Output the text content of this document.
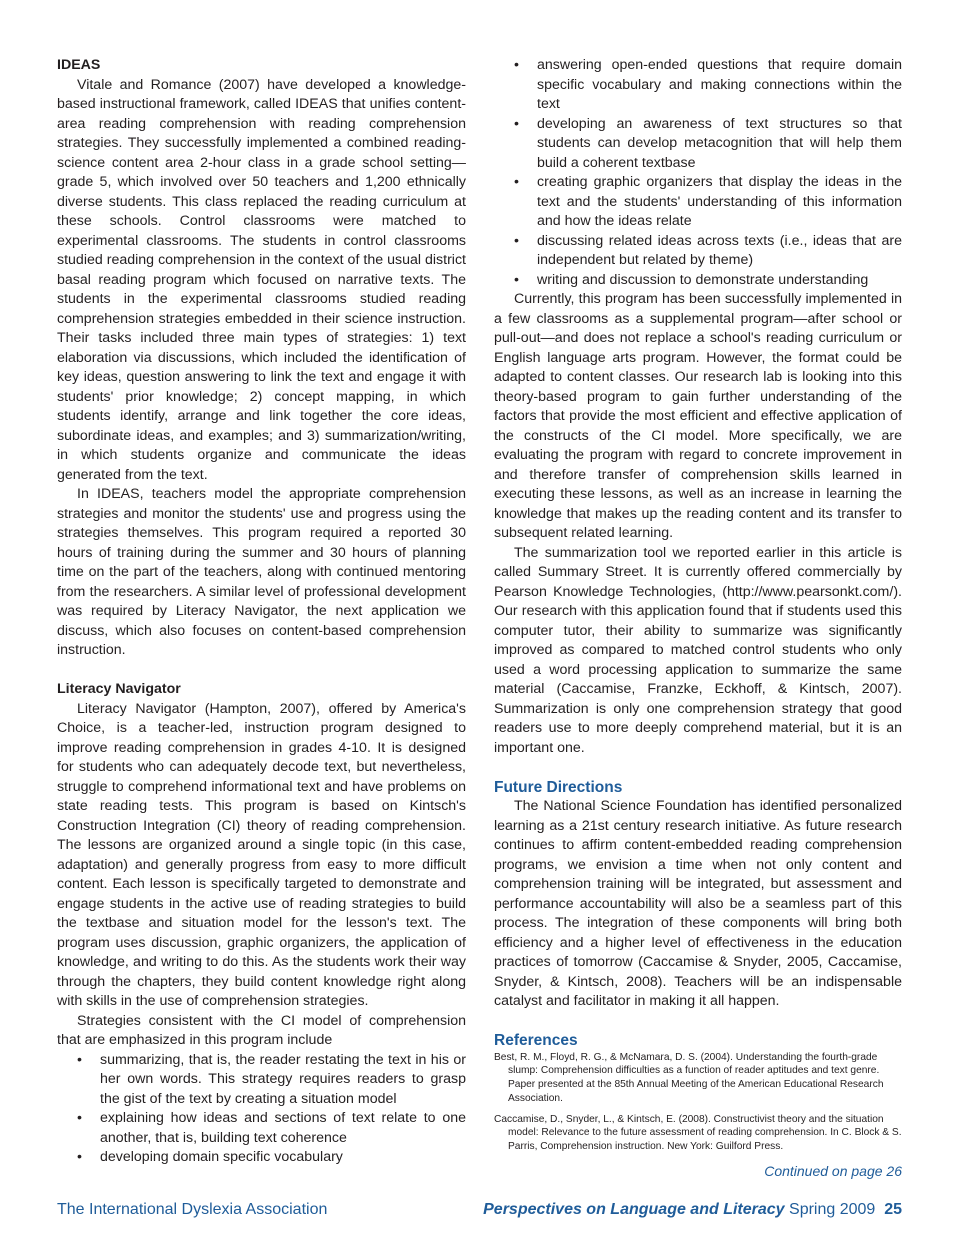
IDEAS

Vitale and Romance (2007) have developed a knowledge-based instructional framework, called IDEAS that unifies content-area reading comprehension with reading comprehension strategies. They successfully implemented a combined reading-science content area 2-hour class in a grade school setting—grade 5, which involved over 50 teachers and 1,200 ethnically diverse students. This class replaced the reading curriculum at these schools. Control classrooms were matched to experimental classrooms. The students in control classrooms studied reading comprehension in the context of the usual district basal reading program which focused on narrative texts. The students in the experimental classrooms studied reading comprehension strategies embedded in their science instruction. Their tasks included three main types of strategies: 1) text elaboration via discussions, which included the identification of key ideas, question answering to link the text and engage it with students' prior knowledge; 2) concept mapping, in which students identify, arrange and link together the core ideas, subordinate ideas, and examples; and 3) summarization/writing, in which students organize and communicate the ideas generated from the text.

In IDEAS, teachers model the appropriate comprehension strategies and monitor the students' use and progress using the strategies themselves. This program required a reported 30 hours of training during the summer and 30 hours of planning time on the part of the teachers, along with continued mentoring from the researchers. A similar level of professional development was required by Literacy Navigator, the next application we discuss, which also focuses on content-based comprehension instruction.

Literacy Navigator

Literacy Navigator (Hampton, 2007), offered by America's Choice, is a teacher-led, instruction program designed to improve reading comprehension in grades 4-10. It is designed for students who can adequately decode text, but nevertheless, struggle to comprehend informational text and have problems on state reading tests. This program is based on Kintsch's Construction Integration (CI) theory of reading comprehension. The lessons are organized around a single topic (in this case, adaptation) and generally progress from easy to more difficult content. Each lesson is specifically targeted to demonstrate and engage students in the active use of reading strategies to build the textbase and situation model for the lesson's text. The program uses discussion, graphic organizers, the application of knowledge, and writing to do this. As the students work their way through the chapters, they build content knowledge right along with skills in the use of comprehension strategies.

Strategies consistent with the CI model of comprehension that are emphasized in this program include

• summarizing, that is, the reader restating the text in his or her own words. This strategy requires readers to grasp the gist of the text by creating a situation model
• explaining how ideas and sections of text relate to one another, that is, building text coherence
• developing domain specific vocabulary
• answering open-ended questions that require domain specific vocabulary and making connections within the text
• developing an awareness of text structures so that students can develop metacognition that will help them build a coherent textbase
• creating graphic organizers that display the ideas in the text and the students' understanding of this information and how the ideas relate
• discussing related ideas across texts (i.e., ideas that are independent but related by theme)
• writing and discussion to demonstrate understanding

Currently, this program has been successfully implemented in a few classrooms as a supplemental program—after school or pull-out—and does not replace a school's reading curriculum or English language arts program. However, the format could be adapted to content classes. Our research lab is looking into this theory-based program to gain further understanding of the factors that provide the most efficient and effective application of the constructs of the CI model. More specifically, we are evaluating the program with regard to concrete improvement in and therefore transfer of comprehension skills learned in executing these lessons, as well as an increase in learning the knowledge that makes up the reading content and its transfer to subsequent related learning.

The summarization tool we reported earlier in this article is called Summary Street. It is currently offered commercially by Pearson Knowledge Technologies, (http://www.pearsonkt.com/). Our research with this application found that if students used this computer tutor, their ability to summarize was significantly improved as compared to matched control students who only used a word processing application to summarize the same material (Caccamise, Franzke, Eckhoff, & Kintsch, 2007). Summarization is only one comprehension strategy that good readers use to more deeply comprehend material, but it is an important one.

Future Directions

The National Science Foundation has identified personalized learning as a 21st century research initiative. As future research continues to affirm content-embedded reading comprehension programs, we envision a time when not only content and comprehension training will be integrated, but assessment and performance accountability will also be a seamless part of this process. The integration of these components will bring both efficiency and a higher level of effectiveness in the education practices of tomorrow (Caccamise & Snyder, 2005, Caccamise, Snyder, & Kintsch, 2008). Teachers will be an indispensable catalyst and facilitator in making it all happen.

References

Best, R. M., Floyd, R. G., & McNamara, D. S. (2004). Understanding the fourth-grade slump: Comprehension difficulties as a function of reader aptitudes and text genre. Paper presented at the 85th Annual Meeting of the American Educational Research Association.

Caccamise, D., Snyder, L., & Kintsch, E. (2008). Constructivist theory and the situation model: Relevance to the future assessment of reading comprehension. In C. Block & S. Parris, Comprehension instruction. New York: Guilford Press.

Continued on page 26
The International Dyslexia Association	Perspectives on Language and Literacy Spring 2009 25
